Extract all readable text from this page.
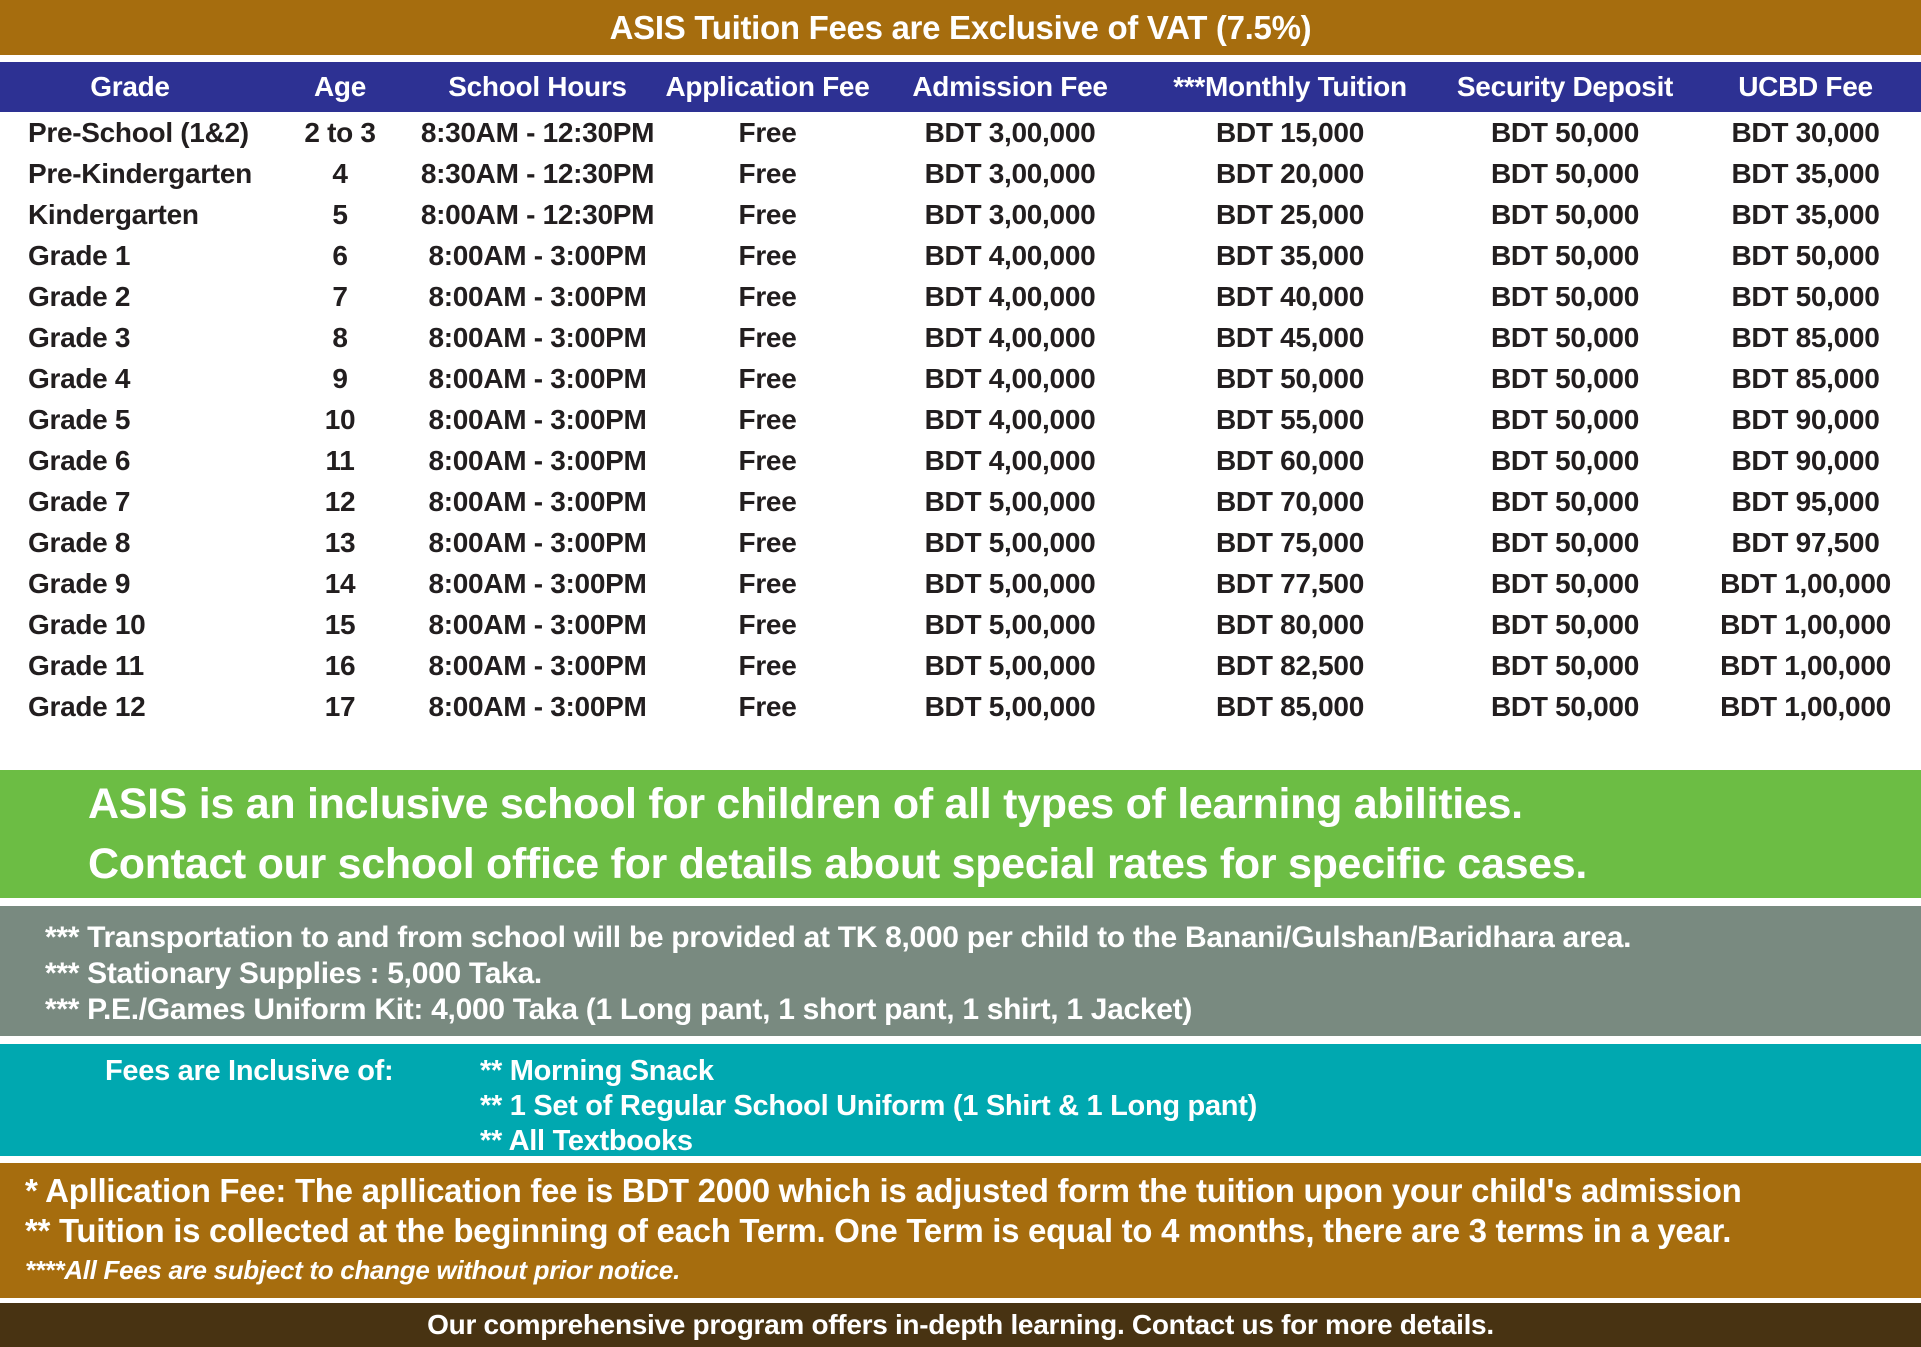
ASIS Tuition Fees are Exclusive of VAT (7.5%)
Grade	Age	School Hours	Application Fee	Admission Fee	***Monthly Tuition	Security Deposit	UCBD Fee
Pre-School (1&2)	2 to 3	8:30AM - 12:30PM	Free	BDT 3,00,000	BDT 15,000	BDT 50,000	BDT 30,000
Pre-Kindergarten	4	8:30AM - 12:30PM	Free	BDT 3,00,000	BDT 20,000	BDT 50,000	BDT 35,000
Kindergarten	5	8:00AM - 12:30PM	Free	BDT 3,00,000	BDT 25,000	BDT 50,000	BDT 35,000
Grade 1	6	8:00AM - 3:00PM	Free	BDT 4,00,000	BDT 35,000	BDT 50,000	BDT 50,000
Grade 2	7	8:00AM - 3:00PM	Free	BDT 4,00,000	BDT 40,000	BDT 50,000	BDT 50,000
Grade 3	8	8:00AM - 3:00PM	Free	BDT 4,00,000	BDT 45,000	BDT 50,000	BDT 85,000
Grade 4	9	8:00AM - 3:00PM	Free	BDT 4,00,000	BDT 50,000	BDT 50,000	BDT 85,000
Grade 5	10	8:00AM - 3:00PM	Free	BDT 4,00,000	BDT 55,000	BDT 50,000	BDT 90,000
Grade 6	11	8:00AM - 3:00PM	Free	BDT 4,00,000	BDT 60,000	BDT 50,000	BDT 90,000
Grade 7	12	8:00AM - 3:00PM	Free	BDT 5,00,000	BDT 70,000	BDT 50,000	BDT 95,000
Grade 8	13	8:00AM - 3:00PM	Free	BDT 5,00,000	BDT 75,000	BDT 50,000	BDT 97,500
Grade 9	14	8:00AM - 3:00PM	Free	BDT 5,00,000	BDT 77,500	BDT 50,000	BDT 1,00,000
Grade 10	15	8:00AM - 3:00PM	Free	BDT 5,00,000	BDT 80,000	BDT 50,000	BDT 1,00,000
Grade 11	16	8:00AM - 3:00PM	Free	BDT 5,00,000	BDT 82,500	BDT 50,000	BDT 1,00,000
Grade 12	17	8:00AM - 3:00PM	Free	BDT 5,00,000	BDT 85,000	BDT 50,000	BDT 1,00,000
ASIS is an inclusive school for children of all types of learning abilities.
Contact our school office for details about special rates for specific cases.
*** Transportation to and from school will be provided at TK 8,000 per child to the Banani/Gulshan/Baridhara area.
*** Stationary Supplies : 5,000 Taka.
*** P.E./Games Uniform Kit: 4,000 Taka (1 Long pant, 1 short pant, 1 shirt, 1 Jacket)
Fees are Inclusive of:	** Morning Snack
** 1 Set of Regular School Uniform (1 Shirt & 1 Long pant)
** All Textbooks
* Apllication Fee: The apllication fee is BDT 2000 which is adjusted form the tuition upon your child's admission
** Tuition is collected at the beginning of each Term. One Term is equal to 4 months, there are 3 terms in a year.
****All Fees are subject to change without prior notice.
Our comprehensive program offers in-depth learning. Contact us for more details.
